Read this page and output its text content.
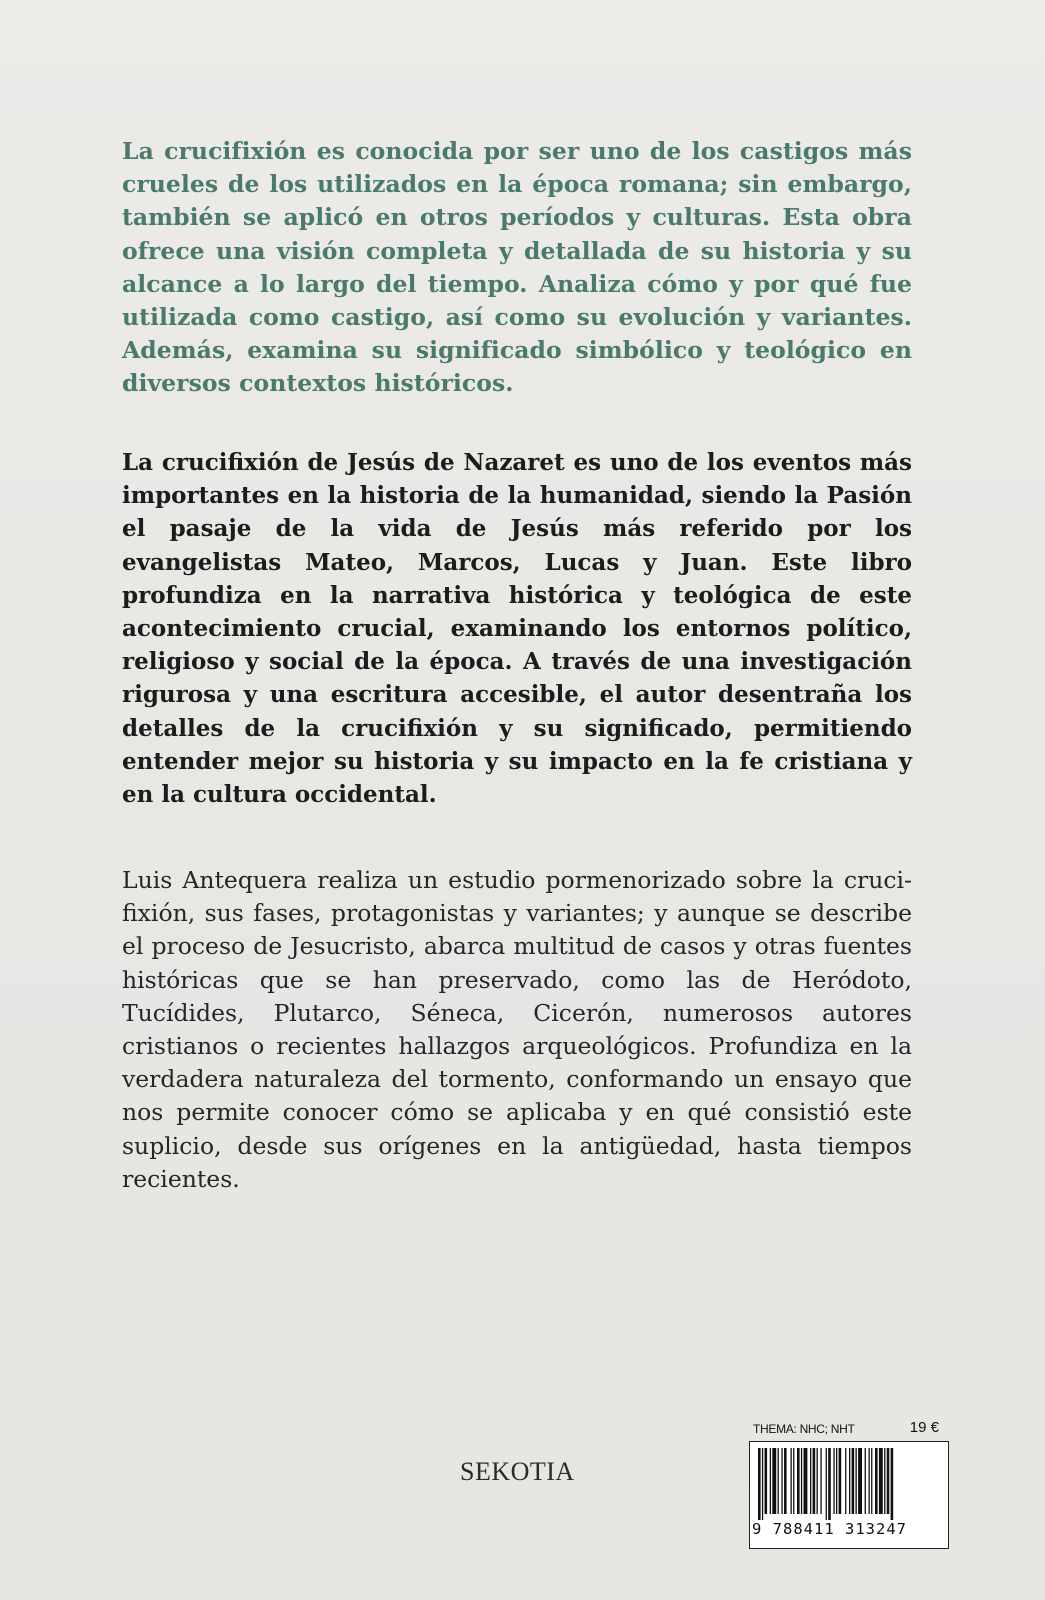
La crucifixión es conocida por ser uno de los castigos más crueles de los utilizados en la época romana; sin embargo, también se aplicó en otros períodos y culturas. Esta obra ofrece una visión completa y detallada de su historia y su alcance a lo largo del tiempo. Analiza cómo y por qué fue utilizada como castigo, así como su evolución y variantes. Además, examina su significado simbólico y teológico en diversos contextos históricos.

La crucifixión de Jesús de Nazaret es uno de los eventos más importantes en la historia de la humanidad, siendo la Pasión el pasaje de la vida de Jesús más referido por los evangelistas Mateo, Marcos, Lucas y Juan. Este libro profundiza en la narrativa histórica y teológica de este acontecimiento crucial, examinando los entornos político, religioso y social de la época. A través de una investigación rigurosa y una escritura accesible, el autor desentraña los detalles de la crucifixión y su significado, permitiendo entender mejor su historia y su impacto en la fe cristiana y en la cultura occidental.

Luis Antequera realiza un estudio pormenorizado sobre la crucifixión, sus fases, protagonistas y variantes; y aunque se describe el proceso de Jesucristo, abarca multitud de casos y otras fuentes históricas que se han preservado, como las de Heródoto, Tucídides, Plutarco, Séneca, Cicerón, numerosos autores cristianos o recientes hallazgos arqueológicos. Profundiza en la verdadera naturaleza del tormento, conformando un ensayo que nos permite conocer cómo se aplicaba y en qué consistió este suplicio, desde sus orígenes en la antigüedad, hasta tiempos recientes.

SEKOTIA
THEMA: NHC; NHT	19 €
9 788411 313247
